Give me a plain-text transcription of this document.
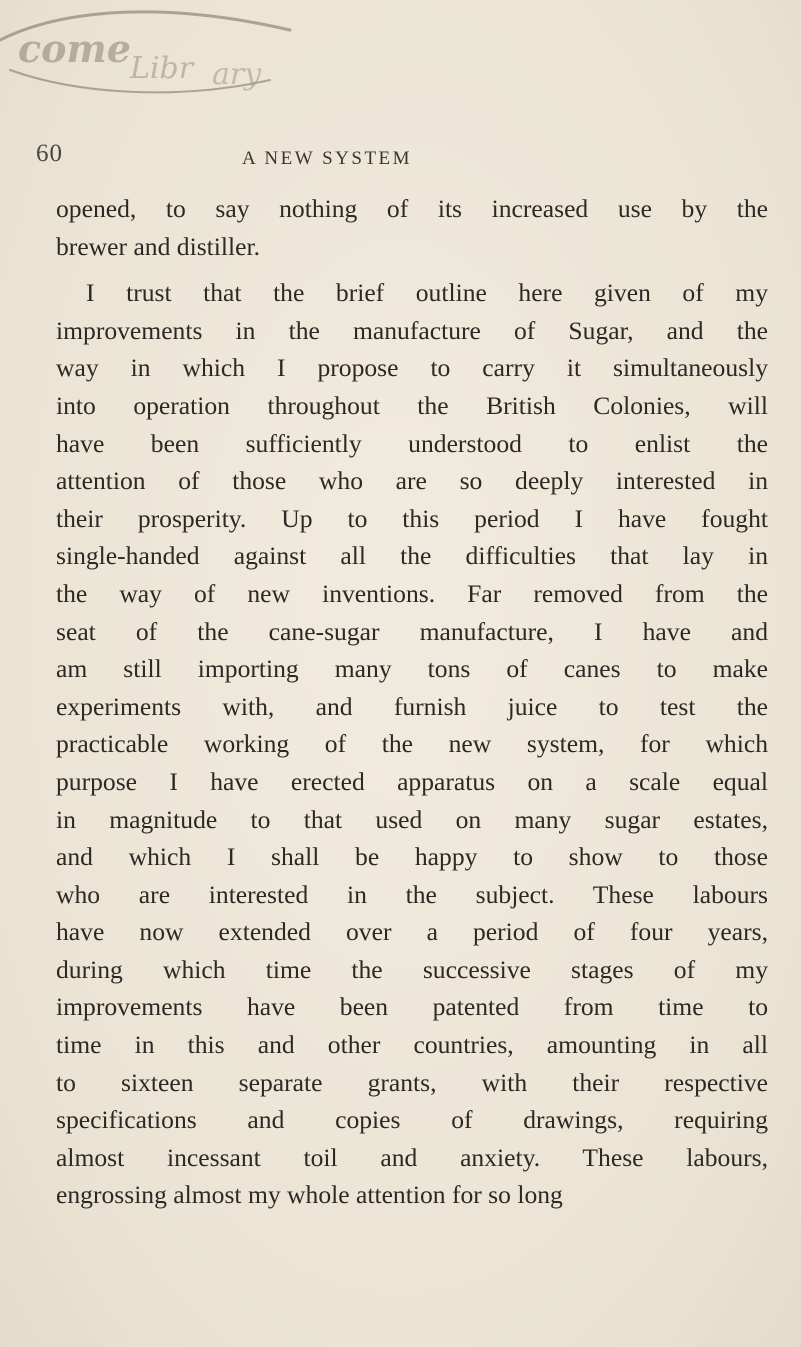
come Libr ary
60	A NEW SYSTEM
opened, to say nothing of its increased use by the
brewer and distiller.
I trust that the brief outline here given of my
improvements in the manufacture of Sugar, and the
way in which I propose to carry it simultaneously
into operation throughout the British Colonies, will
have been sufficiently understood to enlist the
attention of those who are so deeply interested in
their prosperity. Up to this period I have fought
single-handed against all the difficulties that lay in
the way of new inventions. Far removed from the
seat of the cane-sugar manufacture, I have and
am still importing many tons of canes to make
experiments with, and furnish juice to test the
practicable working of the new system, for which
purpose I have erected apparatus on a scale equal
in magnitude to that used on many sugar estates,
and which I shall be happy to show to those
who are interested in the subject. These labours
have now extended over a period of four years,
during which time the successive stages of my
improvements have been patented from time to
time in this and other countries, amounting in all
to sixteen separate grants, with their respective
specifications and copies of drawings, requiring
almost incessant toil and anxiety. These labours,
engrossing almost my whole attention for so long
